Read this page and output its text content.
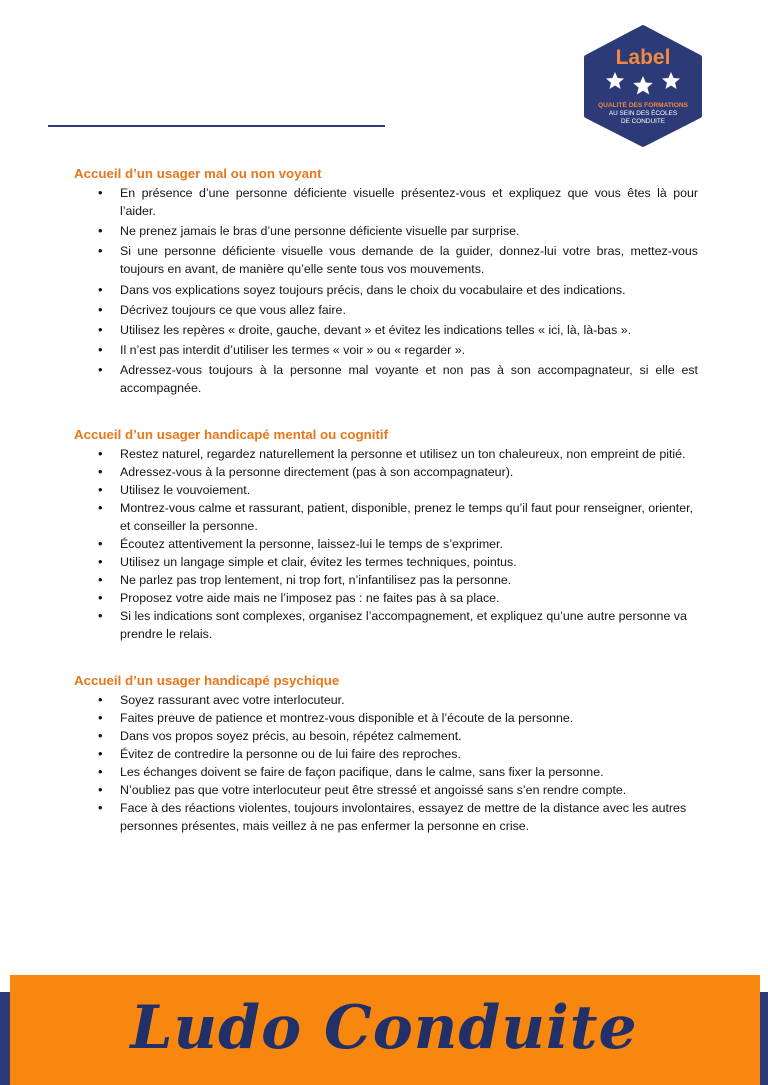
Label
QUALITÉ DES FORMATIONS
AU SEIN DES ÉCOLES
DE CONDUITE
Accueil d’un usager mal ou non voyant
• En présence d’une personne déficiente visuelle présentez-vous et expliquez que vous êtes là pour l’aider.
• Ne prenez jamais le bras d’une personne déficiente visuelle par surprise.
• Si une personne déficiente visuelle vous demande de la guider, donnez-lui votre bras, mettez-vous toujours en avant, de manière qu’elle sente tous vos mouvements.
• Dans vos explications soyez toujours précis, dans le choix du vocabulaire et des indications.
• Décrivez toujours ce que vous allez faire.
• Utilisez les repères « droite, gauche, devant » et évitez les indications telles « ici, là, là-bas ».
• Il n’est pas interdit d’utiliser les termes « voir » ou « regarder ».
• Adressez-vous toujours à la personne mal voyante et non pas à son accompagnateur, si elle est accompagnée.
Accueil d’un usager handicapé mental ou cognitif
• Restez naturel, regardez naturellement la personne et utilisez un ton chaleureux, non empreint de pitié.
• Adressez-vous à la personne directement (pas à son accompagnateur).
• Utilisez le vouvoiement.
• Montrez-vous calme et rassurant, patient, disponible, prenez le temps qu’il faut pour renseigner, orienter, et conseiller la personne.
• Écoutez attentivement la personne, laissez-lui le temps de s’exprimer.
• Utilisez un langage simple et clair, évitez les termes techniques, pointus.
• Ne parlez pas trop lentement, ni trop fort, n’infantilisez pas la personne.
• Proposez votre aide mais ne l’imposez pas : ne faites pas à sa place.
• Si les indications sont complexes, organisez l’accompagnement, et expliquez qu’une autre personne va prendre le relais.
Accueil d’un usager handicapé psychique
• Soyez rassurant avec votre interlocuteur.
• Faites preuve de patience et montrez-vous disponible et à l’écoute de la personne.
• Dans vos propos soyez précis, au besoin, répétez calmement.
• Évitez de contredire la personne ou de lui faire des reproches.
• Les échanges doivent se faire de façon pacifique, dans le calme, sans fixer la personne.
• N’oubliez pas que votre interlocuteur peut être stressé et angoissé sans s’en rendre compte.
• Face à des réactions violentes, toujours involontaires, essayez de mettre de la distance avec les autres personnes présentes, mais veillez à ne pas enfermer la personne en crise.
Ludo Conduite
